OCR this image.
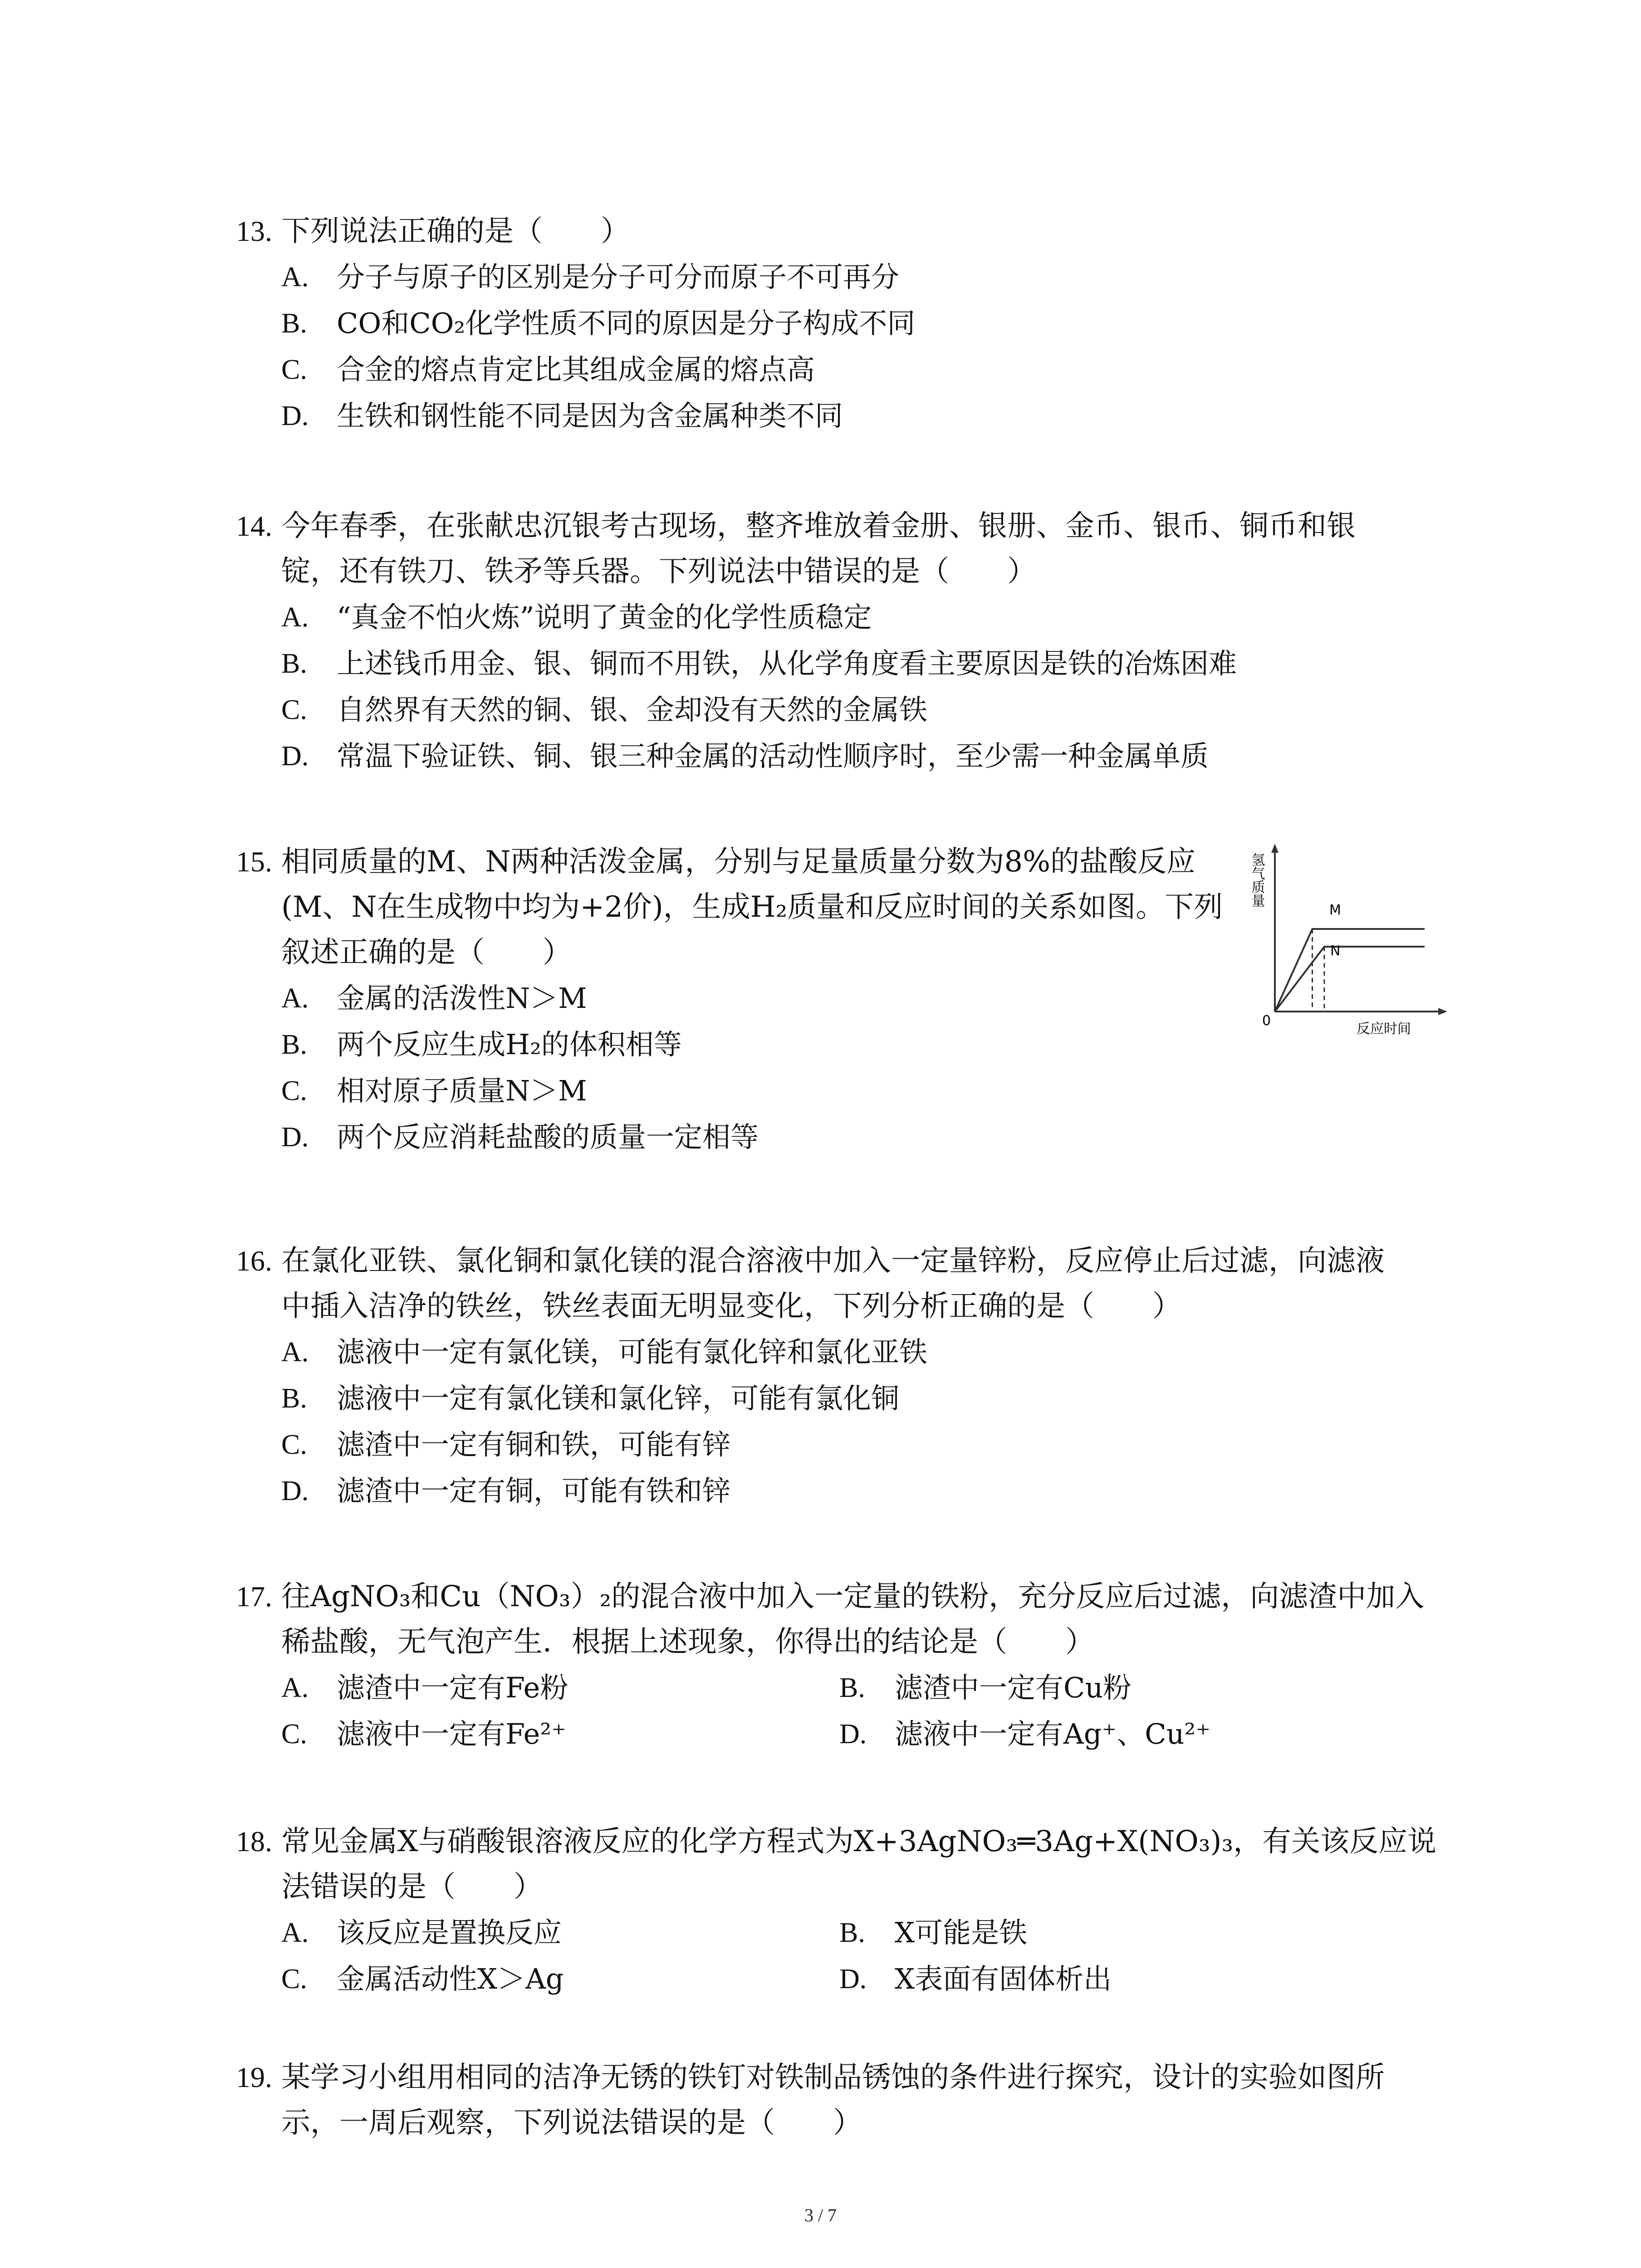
13. 下列说法正确的是（　　）
A. 分子与原子的区别是分子可分而原子不可再分
B. CO和CO₂化学性质不同的原因是分子构成不同
C. 合金的熔点肯定比其组成金属的熔点高
D. 生铁和钢性能不同是因为含金属种类不同
14. 今年春季，在张献忠沉银考古现场，整齐堆放着金册、银册、金币、银币、铜币和银
锭，还有铁刀、铁矛等兵器。下列说法中错误的是（　　）
A. “真金不怕火炼”说明了黄金的化学性质稳定
B. 上述钱币用金、银、铜而不用铁，从化学角度看主要原因是铁的冶炼困难
C. 自然界有天然的铜、银、金却没有天然的金属铁
D. 常温下验证铁、铜、银三种金属的活动性顺序时，至少需一种金属单质
15. 相同质量的M、N两种活泼金属，分别与足量质量分数为8%的盐酸反应
(M、N在生成物中均为+2价)，生成H₂质量和反应时间的关系如图。下列
叙述正确的是（　　）
A. 金属的活泼性N＞M
B. 两个反应生成H₂的体积相等
C. 相对原子质量N＞M
D. 两个反应消耗盐酸的质量一定相等
氢气质量
0
反应时间
M
N
16. 在氯化亚铁、氯化铜和氯化镁的混合溶液中加入一定量锌粉，反应停止后过滤，向滤液
中插入洁净的铁丝，铁丝表面无明显变化，下列分析正确的是（　　）
A. 滤液中一定有氯化镁，可能有氯化锌和氯化亚铁
B. 滤液中一定有氯化镁和氯化锌，可能有氯化铜
C. 滤渣中一定有铜和铁，可能有锌
D. 滤渣中一定有铜，可能有铁和锌
17. 往AgNO₃和Cu（NO₃）₂的混合液中加入一定量的铁粉，充分反应后过滤，向滤渣中加入
稀盐酸，无气泡产生．根据上述现象，你得出的结论是（　　）
A. 滤渣中一定有Fe粉	B. 滤渣中一定有Cu粉
C. 滤液中一定有Fe²⁺	D. 滤液中一定有Ag⁺、Cu²⁺
18. 常见金属X与硝酸银溶液反应的化学方程式为X+3AgNO₃═3Ag+X(NO₃)₃，有关该反应说
法错误的是（　　）
A. 该反应是置换反应	B. X可能是铁
C. 金属活动性X＞Ag	D. X表面有固体析出
19. 某学习小组用相同的洁净无锈的铁钉对铁制品锈蚀的条件进行探究，设计的实验如图所
示，一周后观察，下列说法错误的是（　　）
3 / 7
